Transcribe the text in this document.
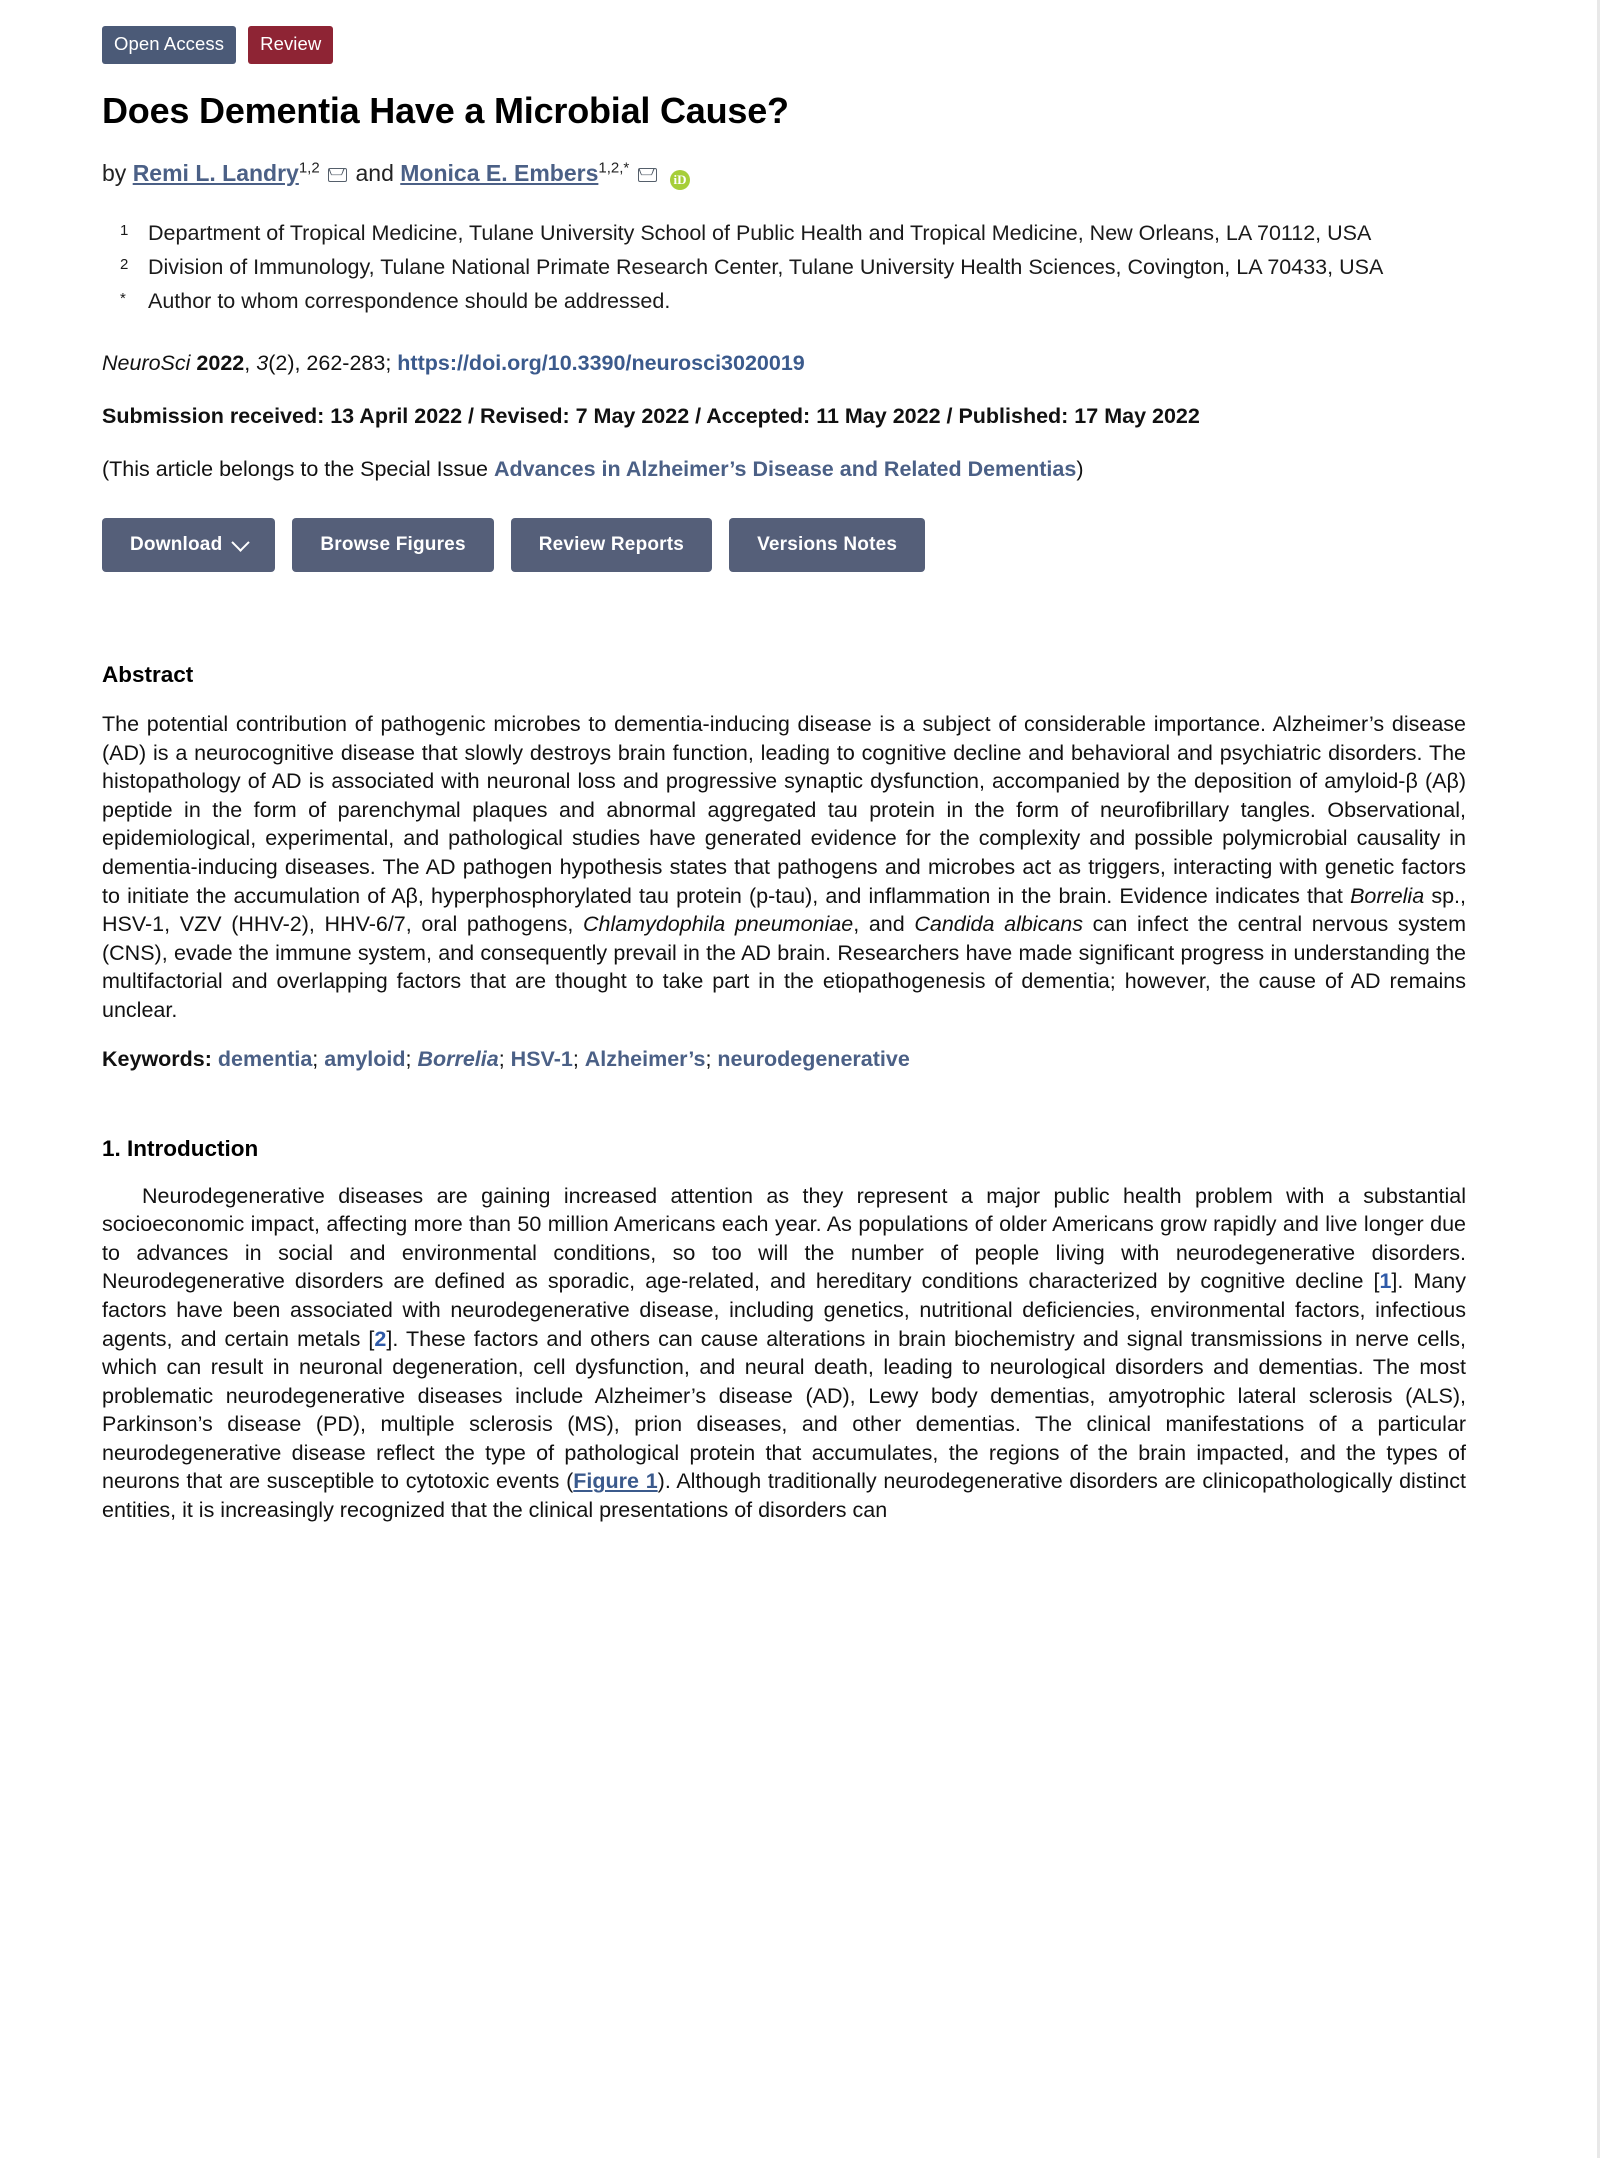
Open Access	Review
Does Dementia Have a Microbial Cause?
by Remi L. Landry$^{1,2}$ and Monica E. Embers$^{1,2,*}$  iD
1 Department of Tropical Medicine, Tulane University School of Public Health and Tropical Medicine, New Orleans, LA 70112, USA
2 Division of Immunology, Tulane National Primate Research Center, Tulane University Health Sciences, Covington, LA 70433, USA
*	Author to whom correspondence should be addressed.
NeuroSci 2022, 3(2), 262-283; https://doi.org/10.3390/neurosci3020019
Submission received: 13 April 2022 / Revised: 7 May 2022 / Accepted: 11 May 2022 / Published: 17 May 2022
(This article belongs to the Special Issue Advances in Alzheimer’s Disease and Related Dementias)
Download	Browse Figures	Review Reports	Versions Notes
Abstract

The potential contribution of pathogenic microbes to dementia-inducing disease is a subject of considerable importance. Alzheimer’s disease (AD) is a neurocognitive disease that slowly destroys brain function, leading to cognitive decline and behavioral and psychiatric disorders. The histopathology of AD is associated with neuronal loss and progressive synaptic dysfunction, accompanied by the deposition of amyloid-β (Aβ) peptide in the form of parenchymal plaques and abnormal aggregated tau protein in the form of neurofibrillary tangles. Observational, epidemiological, experimental, and pathological studies have generated evidence for the complexity and possible polymicrobial causality in dementia-inducing diseases. The AD pathogen hypothesis states that pathogens and microbes act as triggers, interacting with genetic factors to initiate the accumulation of Aβ, hyperphosphorylated tau protein (p-tau), and inflammation in the brain. Evidence indicates that Borrelia sp., HSV-1, VZV (HHV-2), HHV-6/7, oral pathogens, Chlamydophila pneumoniae, and Candida albicans can infect the central nervous system (CNS), evade the immune system, and consequently prevail in the AD brain. Researchers have made significant progress in understanding the multifactorial and overlapping factors that are thought to take part in the etiopathogenesis of dementia; however, the cause of AD remains unclear.

Keywords: dementia; amyloid; Borrelia; HSV-1; Alzheimer’s; neurodegenerative
1. Introduction

Neurodegenerative diseases are gaining increased attention as they represent a major public health problem with a substantial socioeconomic impact, affecting more than 50 million Americans each year. As populations of older Americans grow rapidly and live longer due to advances in social and environmental conditions, so too will the number of people living with neurodegenerative disorders. Neurodegenerative disorders are defined as sporadic, age-related, and hereditary conditions characterized by cognitive decline [1]. Many factors have been associated with neurodegenerative disease, including genetics, nutritional deficiencies, environmental factors, infectious agents, and certain metals [2]. These factors and others can cause alterations in brain biochemistry and signal transmissions in nerve cells, which can result in neuronal degeneration, cell dysfunction, and neural death, leading to neurological disorders and dementias. The most problematic neurodegenerative diseases include Alzheimer’s disease (AD), Lewy body dementias, amyotrophic lateral sclerosis (ALS), Parkinson’s disease (PD), multiple sclerosis (MS), prion diseases, and other dementias. The clinical manifestations of a particular neurodegenerative disease reflect the type of pathological protein that accumulates, the regions of the brain impacted, and the types of neurons that are susceptible to cytotoxic events (Figure 1). Although traditionally neurodegenerative disorders are clinicopathologically distinct entities, it is increasingly recognized that the clinical presentations of disorders can
